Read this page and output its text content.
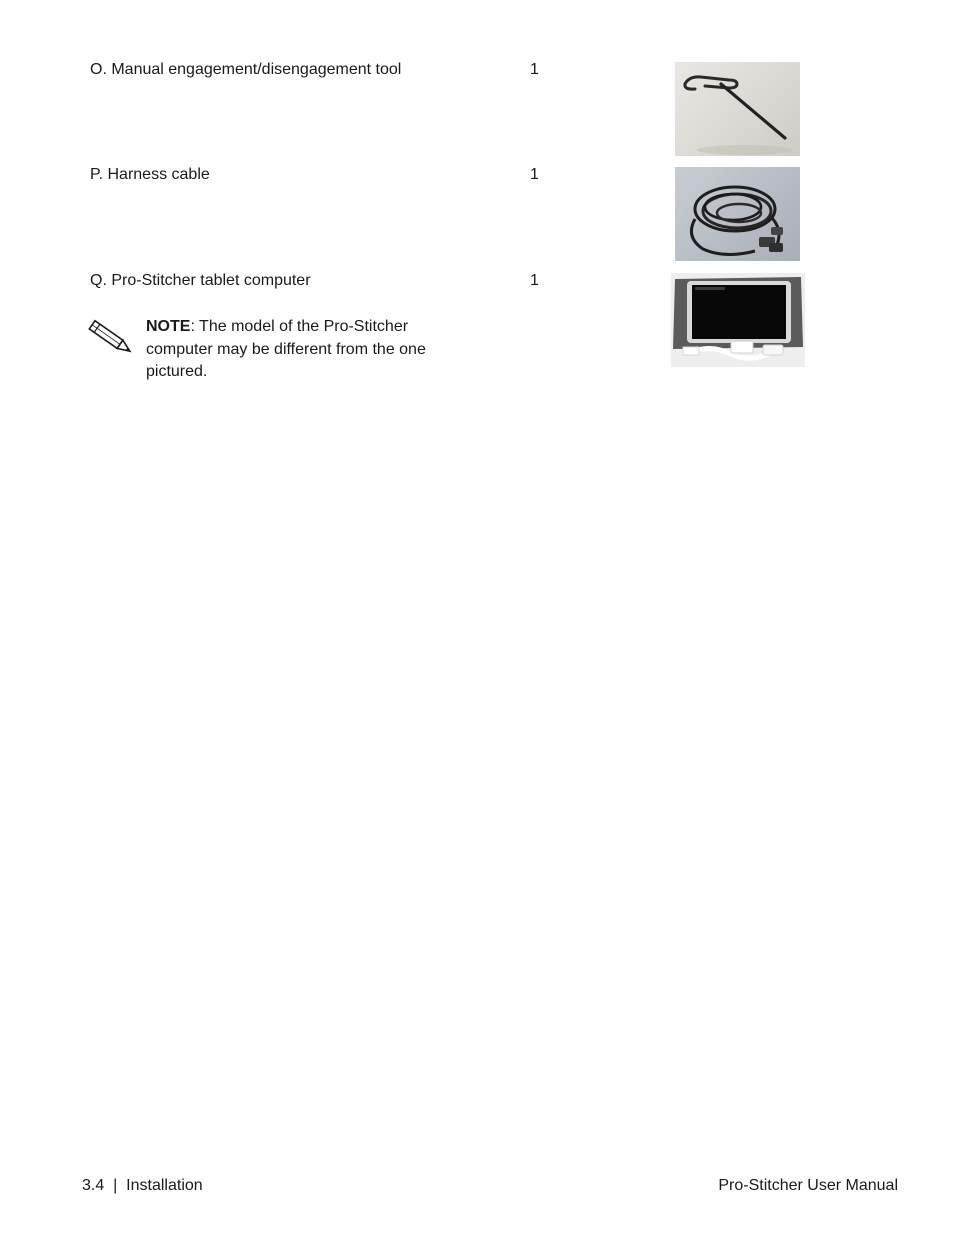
O. Manual engagement/disengagement tool	1
P. Harness cable	1
Q. Pro-Stitcher tablet computer	1
NOTE: The model of the Pro-Stitcher computer may be different from the one pictured.
3.4  |  Installation	Pro-Stitcher User Manual
